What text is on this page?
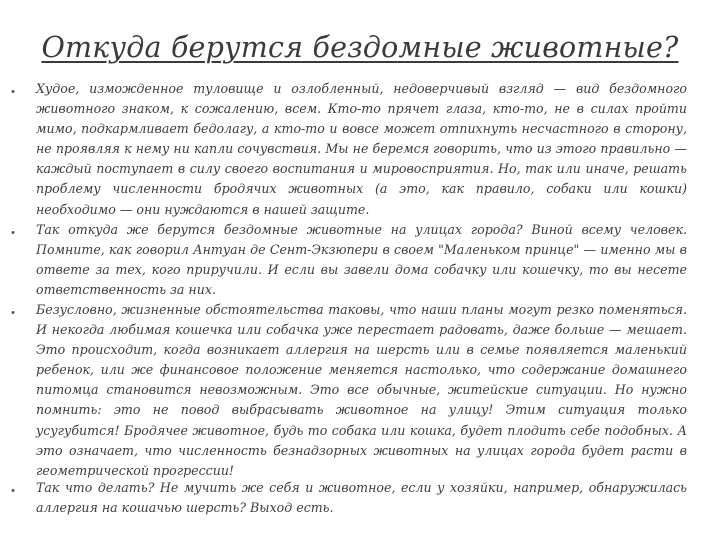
Откуда берутся бездомные животные?
• Худое, изможденное туловище и озлобленный, недоверчивый взгляд — вид бездомного животного знаком, к сожалению, всем. Кто-то прячет глаза, кто-то, не в силах пройти мимо, подкармливает бедолагу, а кто-то и вовсе может отпихнуть несчастного в сторону, не проявляя к нему ни капли сочувствия. Мы не беремся говорить, что из этого правильно — каждый поступает в силу своего воспитания и мировосприятия. Но, так или иначе, решать проблему численности бродячих животных (а это, как правило, собаки или кошки) необходимо — они нуждаются в нашей защите.
• Так откуда же берутся бездомные животные на улицах города? Виной всему человек. Помните, как говорил Антуан де Сент-Экзюпери в своем "Маленьком принце" — именно мы в ответе за тех, кого приручили. И если вы завели дома собачку или кошечку, то вы несете ответственность за них.
• Безусловно, жизненные обстоятельства таковы, что наши планы могут резко поменяться. И некогда любимая кошечка или собачка уже перестает радовать, даже больше — мешает. Это происходит, когда возникает аллергия на шерсть или в семье появляется маленький ребенок, или же финансовое положение меняется настолько, что содержание домашнего питомца становится невозможным. Это все обычные, житейские ситуации. Но нужно помнить: это не повод выбрасывать животное на улицу! Этим ситуация только усугубится! Бродячее животное, будь то собака или кошка, будет плодить себе подобных. А это означает, что численность безнадзорных животных на улицах города будет расти в геометрической прогрессии!
• Так что делать? Не мучить же себя и животное, если у хозяйки, например, обнаружилась аллергия на кошачью шерсть? Выход есть.
